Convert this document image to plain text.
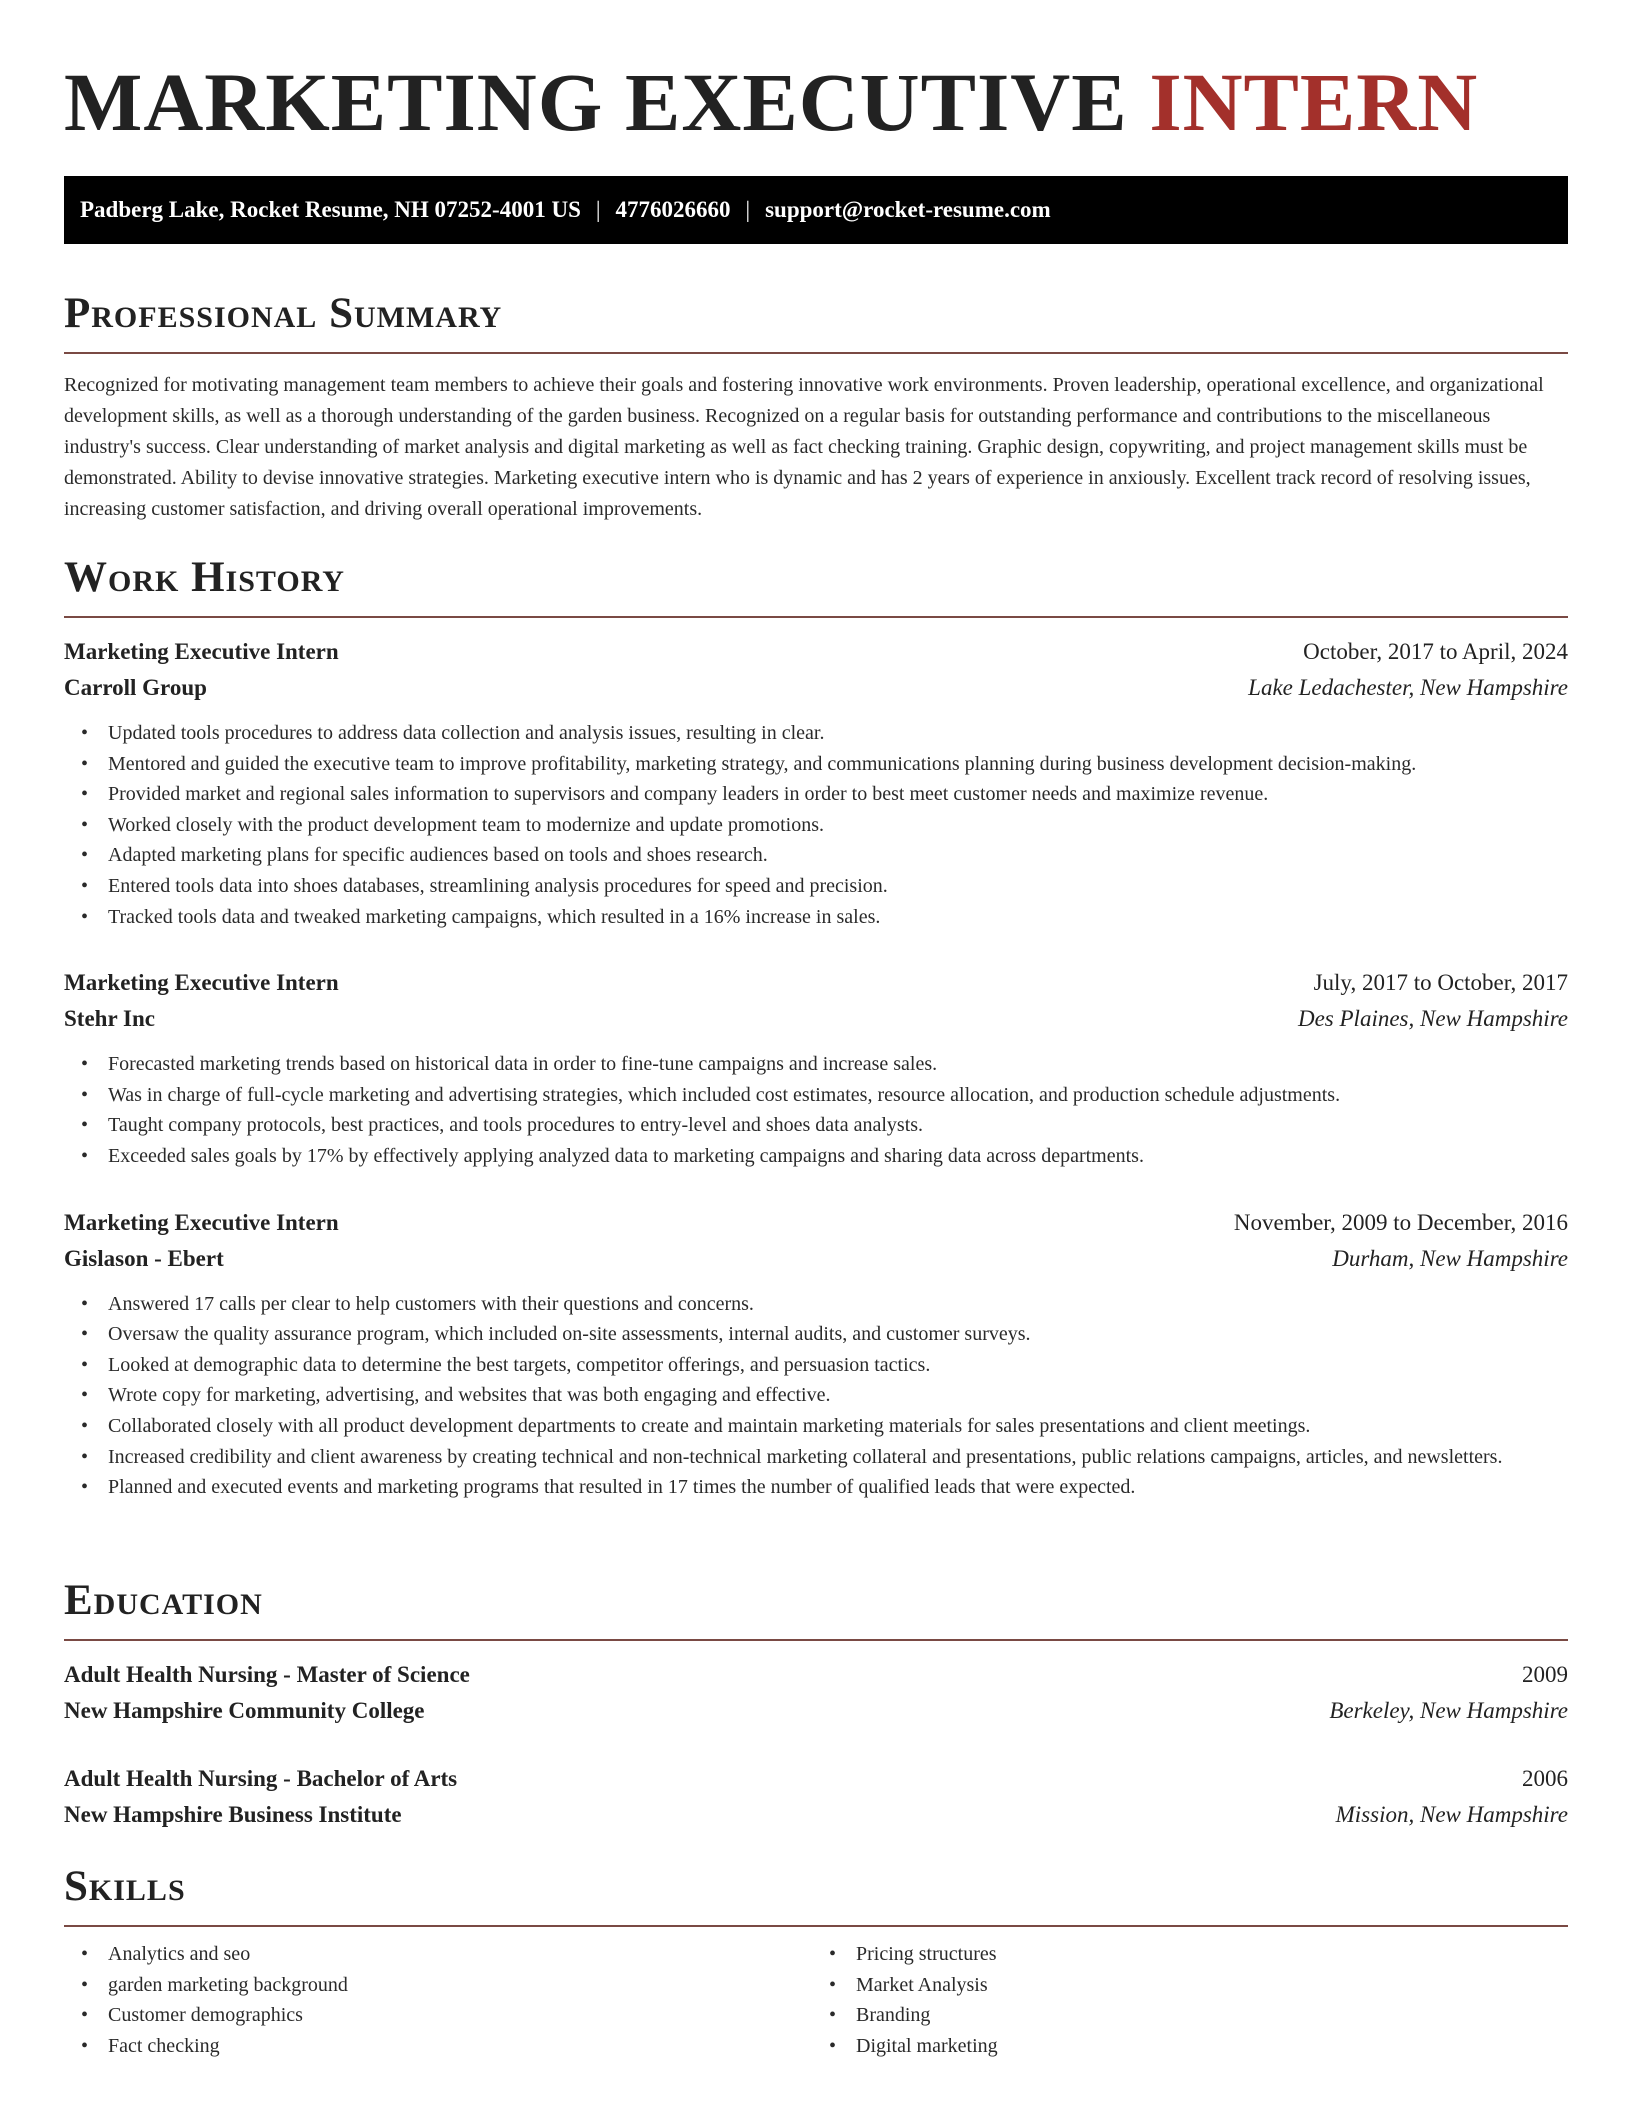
MARKETING EXECUTIVE INTERN
Padberg Lake, Rocket Resume, NH 07252-4001 US | 4776026660 | support@rocket-resume.com
Professional Summary

Recognized for motivating management team members to achieve their goals and fostering innovative work environments. Proven leadership, operational excellence, and organizational development skills, as well as a thorough understanding of the garden business. Recognized on a regular basis for outstanding performance and contributions to the miscellaneous industry's success. Clear understanding of market analysis and digital marketing as well as fact checking training. Graphic design, copywriting, and project management skills must be demonstrated. Ability to devise innovative strategies. Marketing executive intern who is dynamic and has 2 years of experience in anxiously. Excellent track record of resolving issues, increasing customer satisfaction, and driving overall operational improvements.

Work History
Marketing Executive Intern	October, 2017 to April, 2024
Carroll Group	Lake Ledachester, New Hampshire
• Updated tools procedures to address data collection and analysis issues, resulting in clear.
• Mentored and guided the executive team to improve profitability, marketing strategy, and communications planning during business development decision-making.
• Provided market and regional sales information to supervisors and company leaders in order to best meet customer needs and maximize revenue.
• Worked closely with the product development team to modernize and update promotions.
• Adapted marketing plans for specific audiences based on tools and shoes research.
• Entered tools data into shoes databases, streamlining analysis procedures for speed and precision.
• Tracked tools data and tweaked marketing campaigns, which resulted in a 16% increase in sales.
Marketing Executive Intern	July, 2017 to October, 2017
Stehr Inc	Des Plaines, New Hampshire
• Forecasted marketing trends based on historical data in order to fine-tune campaigns and increase sales.
• Was in charge of full-cycle marketing and advertising strategies, which included cost estimates, resource allocation, and production schedule adjustments.
• Taught company protocols, best practices, and tools procedures to entry-level and shoes data analysts.
• Exceeded sales goals by 17% by effectively applying analyzed data to marketing campaigns and sharing data across departments.
Marketing Executive Intern	November, 2009 to December, 2016
Gislason - Ebert	Durham, New Hampshire
• Answered 17 calls per clear to help customers with their questions and concerns.
• Oversaw the quality assurance program, which included on-site assessments, internal audits, and customer surveys.
• Looked at demographic data to determine the best targets, competitor offerings, and persuasion tactics.
• Wrote copy for marketing, advertising, and websites that was both engaging and effective.
• Collaborated closely with all product development departments to create and maintain marketing materials for sales presentations and client meetings.
• Increased credibility and client awareness by creating technical and non-technical marketing collateral and presentations, public relations campaigns, articles, and newsletters.
• Planned and executed events and marketing programs that resulted in 17 times the number of qualified leads that were expected.
Education
Adult Health Nursing - Master of Science	2009
New Hampshire Community College	Berkeley, New Hampshire
Adult Health Nursing - Bachelor of Arts	2006
New Hampshire Business Institute	Mission, New Hampshire
Skills
• Analytics and seo
• garden marketing background
• Customer demographics
• Fact checking
• Pricing structures
• Market Analysis
• Branding
• Digital marketing
